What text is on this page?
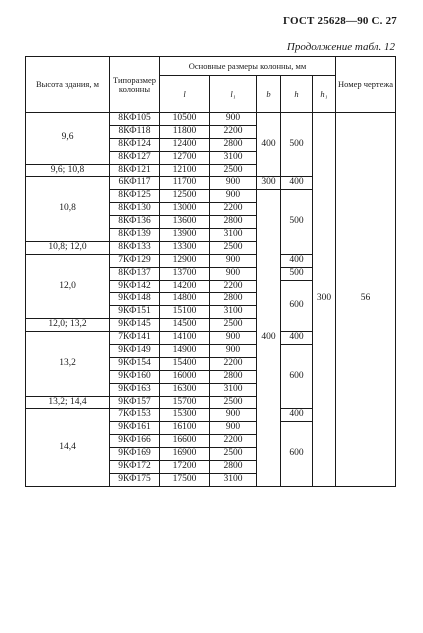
ГОСТ 25628—90 С. 27
Продолжение табл. 12
Высота здания, м	Типоразмер колонны	Основные размеры колонны, мм					Номер чертежа
		l	l₁	b	h	h₁	
9,6	8КФ105	10500	900	400	500	300	56
	8КФ118	11800	2200				
	8КФ124	12400	2800				
	8КФ127	12700	3100				
9,6; 10,8	8КФ121	12100	2500				
10,8	6КФ117	11700	900	300	400		
	8КФ125	12500	900	400	500		
	8КФ130	13000	2200				
	8КФ136	13600	2800				
	8КФ139	13900	3100				
10,8; 12,0	8КФ133	13300	2500				
12,0	7КФ129	12900	900		400		
	8КФ137	13700	900		500		
	9КФ142	14200	2200		600		
	9КФ148	14800	2800				
	9КФ151	15100	3100				
12,0; 13,2	9КФ145	14500	2500				
13,2	7КФ141	14100	900		400		
	9КФ149	14900	900		600		
	9КФ154	15400	2200				
	9КФ160	16000	2800				
	9КФ163	16300	3100				
13,2; 14,4	9КФ157	15700	2500				
14,4	7КФ153	15300	900		400		
	9КФ161	16100	900		600		
	9КФ166	16600	2200				
	9КФ169	16900	2500				
	9КФ172	17200	2800				
	9КФ175	17500	3100				
